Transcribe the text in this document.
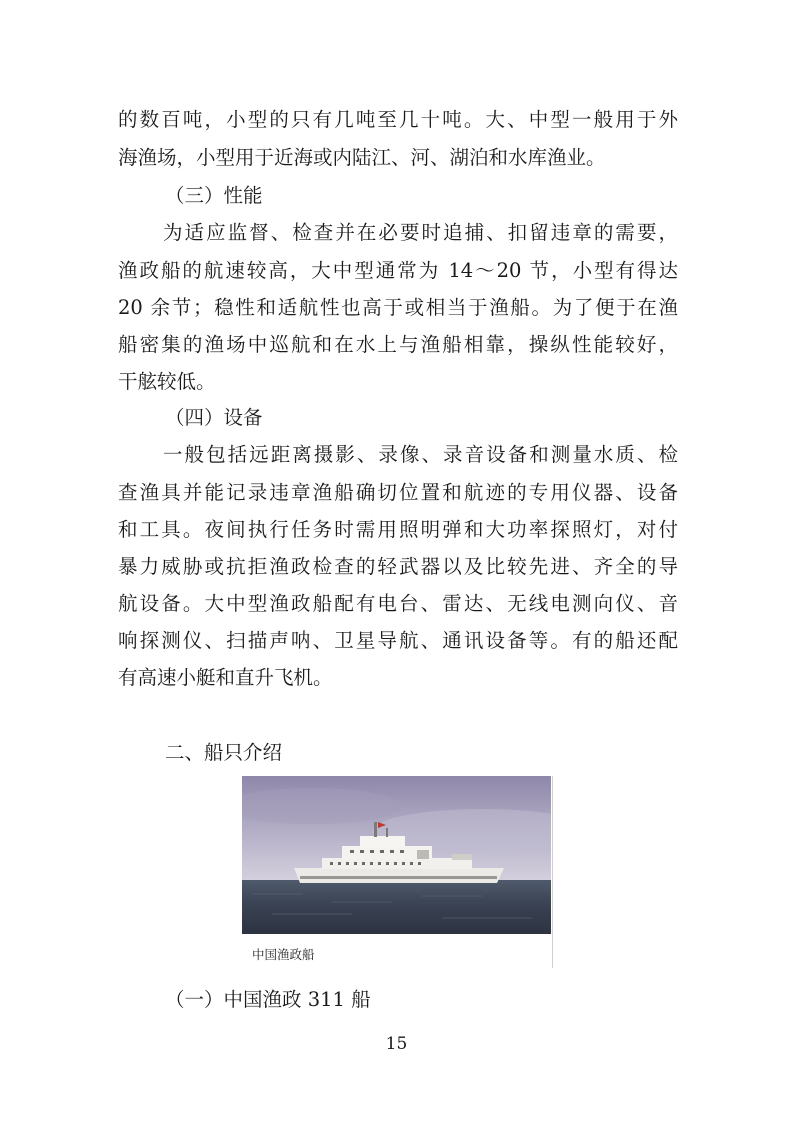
的数百吨，小型的只有几吨至几十吨。大、中型一般用于外
海渔场，小型用于近海或内陆江、河、湖泊和水库渔业。
（三）性能
为适应监督、检查并在必要时追捕、扣留违章的需要，
渔政船的航速较高，大中型通常为 14～20 节，小型有得达
20 余节；稳性和适航性也高于或相当于渔船。为了便于在渔
船密集的渔场中巡航和在水上与渔船相靠，操纵性能较好，
干舷较低。
（四）设备
一般包括远距离摄影、录像、录音设备和测量水质、检
查渔具并能记录违章渔船确切位置和航迹的专用仪器、设备
和工具。夜间执行任务时需用照明弹和大功率探照灯，对付
暴力威胁或抗拒渔政检查的轻武器以及比较先进、齐全的导
航设备。大中型渔政船配有电台、雷达、无线电测向仪、音
响探测仪、扫描声呐、卫星导航、通讯设备等。有的船还配
有高速小艇和直升飞机。
二、船只介绍
中国渔政船
（一）中国渔政 311 船
15
